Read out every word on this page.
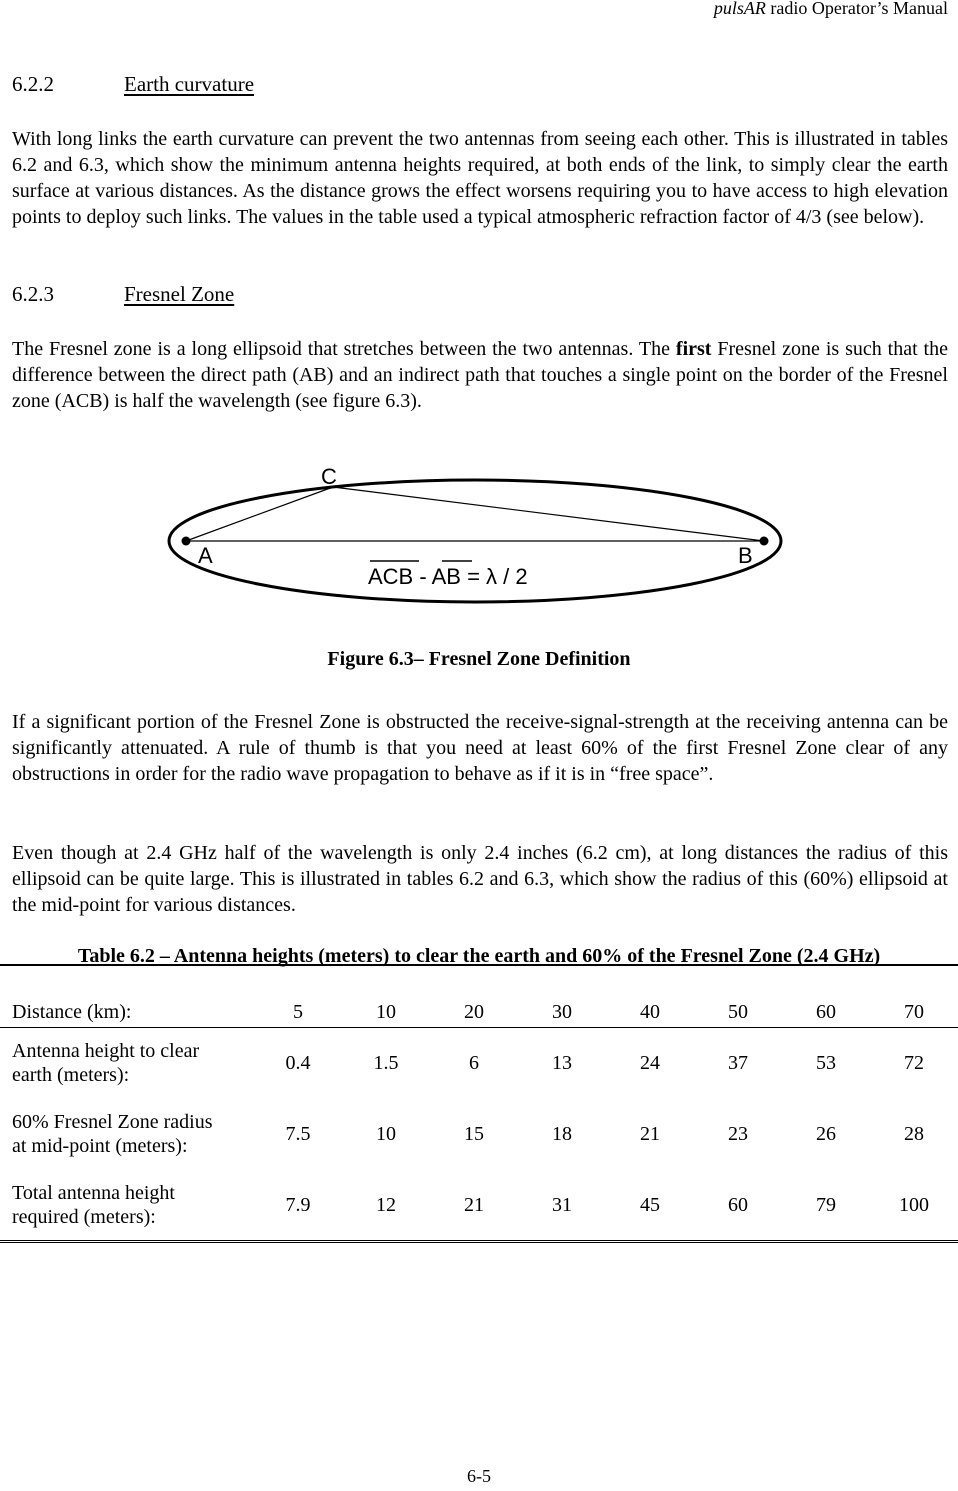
pulsAR radio Operator’s Manual
6.2.2	Earth curvature

With long links the earth curvature can prevent the two antennas from seeing each other. This is illustrated in tables 6.2 and 6.3, which show the minimum antenna heights required, at both ends of the link, to simply clear the earth surface at various distances. As the distance grows the effect worsens requiring you to have access to high elevation points to deploy such links. The values in the table used a typical atmospheric refraction factor of 4/3 (see below).

6.2.3	Fresnel Zone

The Fresnel zone is a long ellipsoid that stretches between the two antennas. The first Fresnel zone is such that the difference between the direct path (AB) and an indirect path that touches a single point on the border of the Fresnel zone (ACB) is half the wavelength (see figure 6.3).

C
A	B
ACB - AB = λ / 2
Figure 6.3– Fresnel Zone Definition

If a significant portion of the Fresnel Zone is obstructed the receive-signal-strength at the receiving antenna can be significantly attenuated. A rule of thumb is that you need at least 60% of the first Fresnel Zone clear of any obstructions in order for the radio wave propagation to behave as if it is in “free space”.

Even though at 2.4 GHz half of the wavelength is only 2.4 inches (6.2 cm), at long distances the radius of this ellipsoid can be quite large. This is illustrated in tables 6.2 and 6.3, which show the radius of this (60%) ellipsoid at the mid-point for various distances.

Table 6.2 – Antenna heights (meters) to clear the earth and 60% of the Fresnel Zone (2.4 GHz)
Distance (km):	5	10	20	30	40	50	60	70
Antenna height to clear
earth (meters):	0.4	1.5	6	13	24	37	53	72
60% Fresnel Zone radius
at mid-point (meters):	7.5	10	15	18	21	23	26	28
Total antenna height
required (meters):	7.9	12	21	31	45	60	79	100
6-5
